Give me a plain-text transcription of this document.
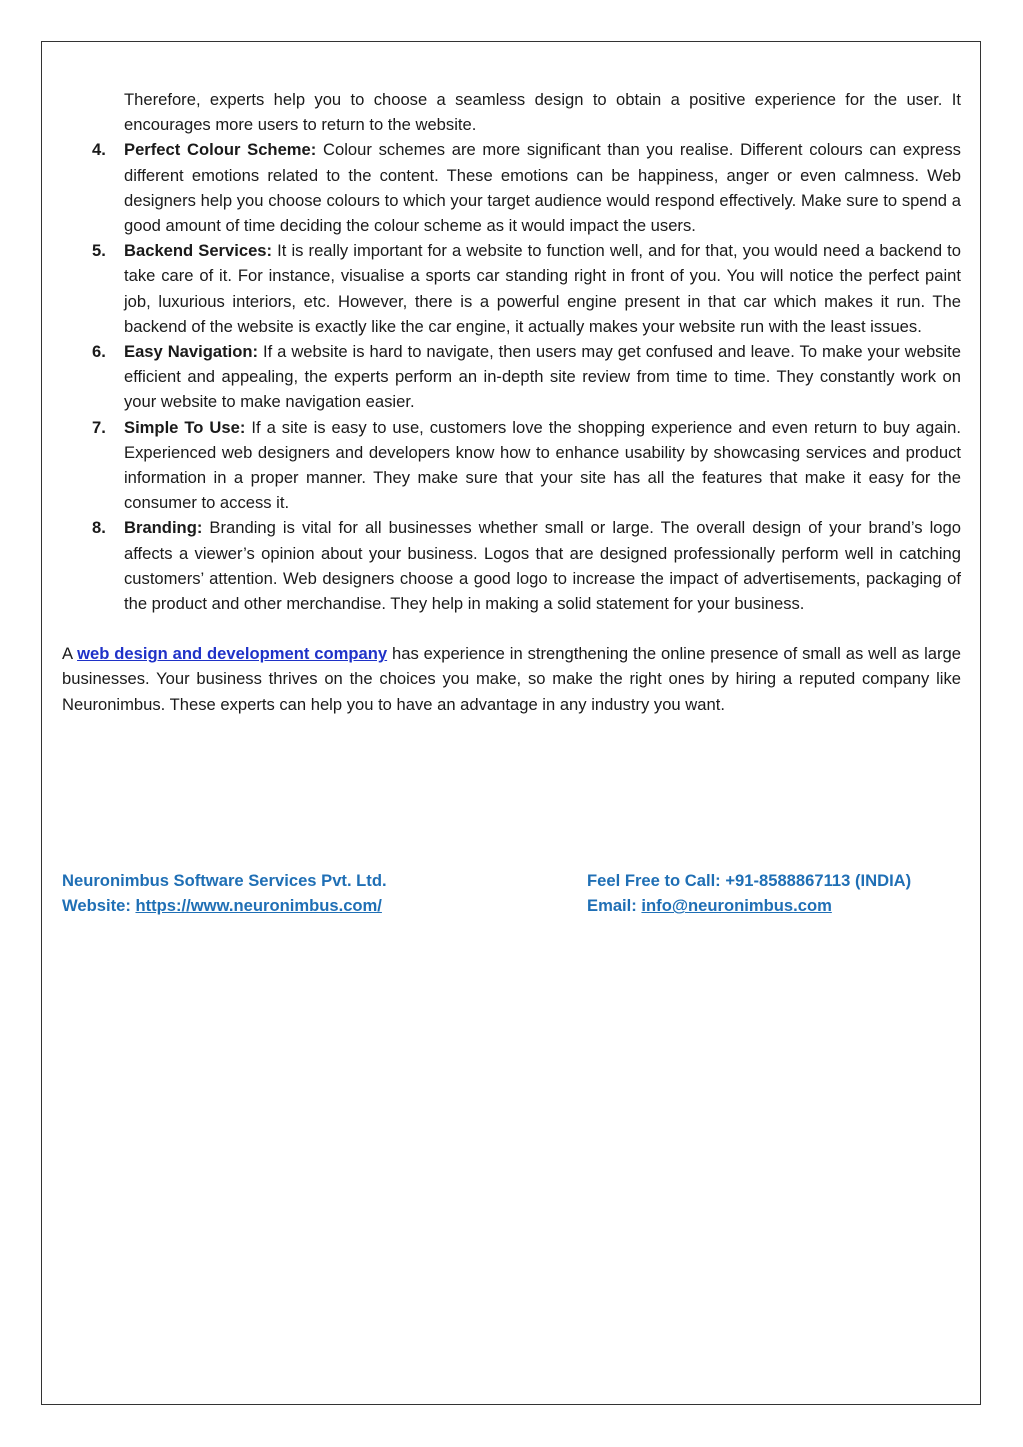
Therefore, experts help you to choose a seamless design to obtain a positive experience for the user. It encourages more users to return to the website.

4. Perfect Colour Scheme: Colour schemes are more significant than you realise. Different colours can express different emotions related to the content. These emotions can be happiness, anger or even calmness. Web designers help you choose colours to which your target audience would respond effectively. Make sure to spend a good amount of time deciding the colour scheme as it would impact the users.
5. Backend Services: It is really important for a website to function well, and for that, you would need a backend to take care of it. For instance, visualise a sports car standing right in front of you. You will notice the perfect paint job, luxurious interiors, etc. However, there is a powerful engine present in that car which makes it run. The backend of the website is exactly like the car engine, it actually makes your website run with the least issues.
6. Easy Navigation: If a website is hard to navigate, then users may get confused and leave. To make your website efficient and appealing, the experts perform an in-depth site review from time to time. They constantly work on your website to make navigation easier.
7. Simple To Use: If a site is easy to use, customers love the shopping experience and even return to buy again. Experienced web designers and developers know how to enhance usability by showcasing services and product information in a proper manner. They make sure that your site has all the features that make it easy for the consumer to access it.
8. Branding: Branding is vital for all businesses whether small or large. The overall design of your brand’s logo affects a viewer’s opinion about your business. Logos that are designed professionally perform well in catching customers’ attention. Web designers choose a good logo to increase the impact of advertisements, packaging of the product and other merchandise. They help in making a solid statement for your business.

A web design and development company has experience in strengthening the online presence of small as well as large businesses. Your business thrives on the choices you make, so make the right ones by hiring a reputed company like Neuronimbus. These experts can help you to have an advantage in any industry you want.

Neuronimbus Software Services Pvt. Ltd.
Website: https://www.neuronimbus.com/
Feel Free to Call: +91-8588867113 (INDIA)
Email: info@neuronimbus.com
